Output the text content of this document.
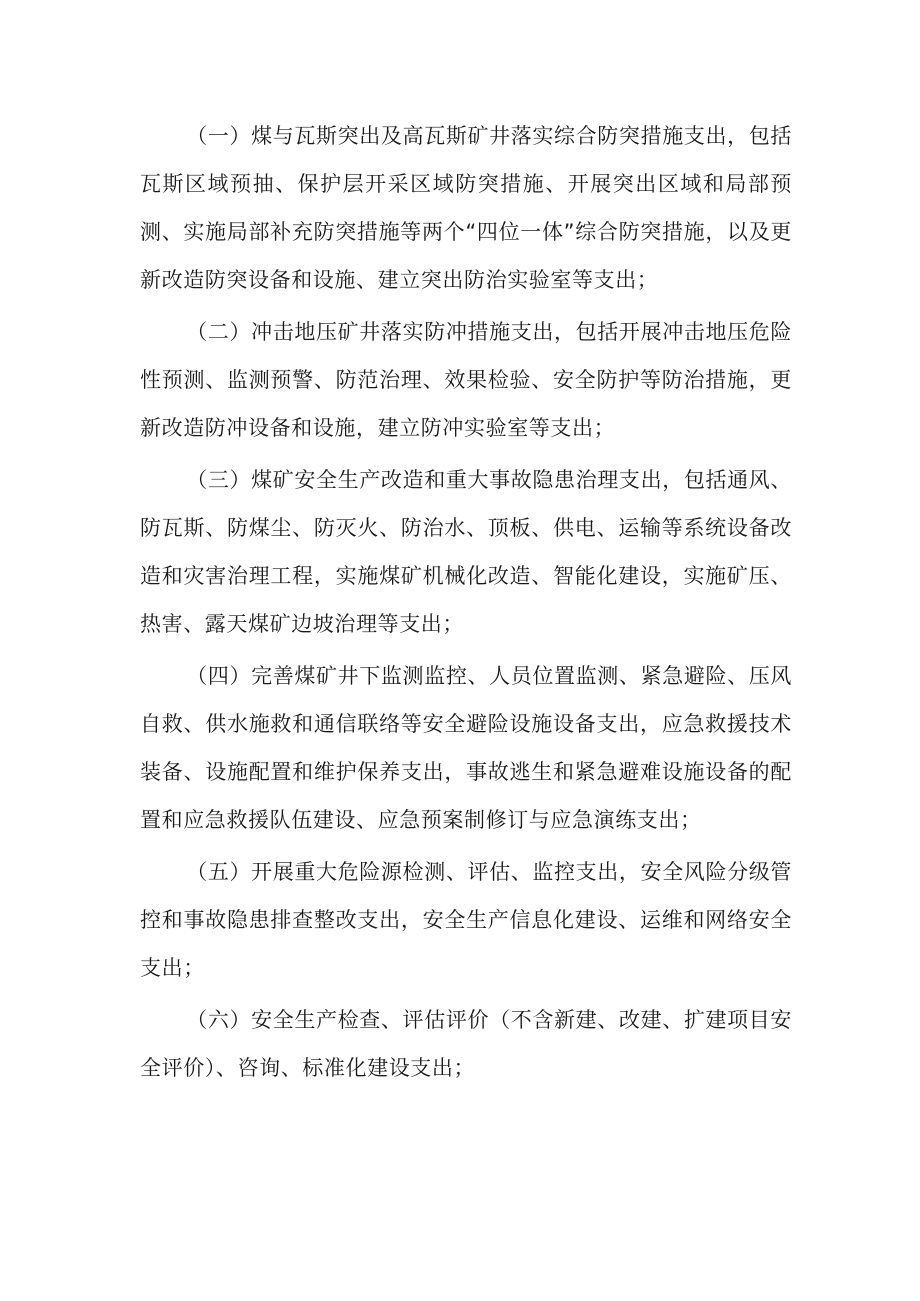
（一）煤与瓦斯突出及高瓦斯矿井落实综合防突措施支出，包括瓦斯区域预抽、保护层开采区域防突措施、开展突出区域和局部预测、实施局部补充防突措施等两个“四位一体”综合防突措施，以及更新改造防突设备和设施、建立突出防治实验室等支出；

（二）冲击地压矿井落实防冲措施支出，包括开展冲击地压危险性预测、监测预警、防范治理、效果检验、安全防护等防治措施，更新改造防冲设备和设施，建立防冲实验室等支出；

（三）煤矿安全生产改造和重大事故隐患治理支出，包括通风、防瓦斯、防煤尘、防灭火、防治水、顶板、供电、运输等系统设备改造和灾害治理工程，实施煤矿机械化改造、智能化建设，实施矿压、热害、露天煤矿边坡治理等支出；

（四）完善煤矿井下监测监控、人员位置监测、紧急避险、压风自救、供水施救和通信联络等安全避险设施设备支出，应急救援技术装备、设施配置和维护保养支出，事故逃生和紧急避难设施设备的配置和应急救援队伍建设、应急预案制修订与应急演练支出；

（五）开展重大危险源检测、评估、监控支出，安全风险分级管控和事故隐患排查整改支出，安全生产信息化建设、运维和网络安全支出；

（六）安全生产检查、评估评价（不含新建、改建、扩建项目安全评价）、咨询、标准化建设支出；
